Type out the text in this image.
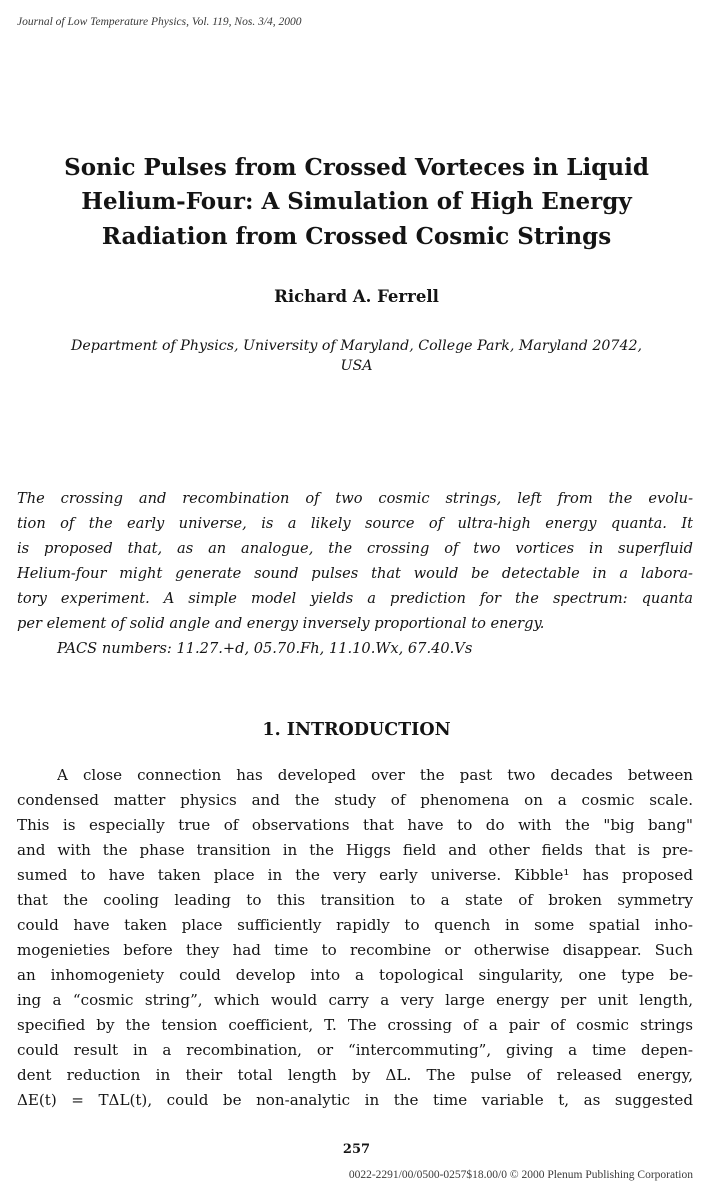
Journal of Low Temperature Physics, Vol. 119, Nos. 3/4, 2000
Sonic Pulses from Crossed Vorteces in Liquid
Helium-Four: A Simulation of High Energy
Radiation from Crossed Cosmic Strings
Richard A. Ferrell
Department of Physics, University of Maryland, College Park, Maryland 20742,
USA
The crossing and recombination of two cosmic strings, left from the evolu-
tion of the early universe, is a likely source of ultra-high energy quanta. It
is proposed that, as an analogue, the crossing of two vortices in superfluid
Helium-four might generate sound pulses that would be detectable in a labora-
tory experiment. A simple model yields a prediction for the spectrum: quanta
per element of solid angle and energy inversely proportional to energy.
PACS numbers: 11.27.+d, 05.70.Fh, 11.10.Wx, 67.40.Vs
1. INTRODUCTION
A close connection has developed over the past two decades between
condensed matter physics and the study of phenomena on a cosmic scale.
This is especially true of observations that have to do with the "big bang"
and with the phase transition in the Higgs field and other fields that is pre-
sumed to have taken place in the very early universe. Kibble¹ has proposed
that the cooling leading to this transition to a state of broken symmetry
could have taken place sufficiently rapidly to quench in some spatial inho-
mogenieties before they had time to recombine or otherwise disappear. Such
an inhomogeniety could develop into a topological singularity, one type be-
ing a “cosmic string”, which would carry a very large energy per unit length,
specified by the tension coefficient, T. The crossing of a pair of cosmic strings
could result in a recombination, or “intercommuting”, giving a time depen-
dent reduction in their total length by ΔL. The pulse of released energy,
ΔE(t) = TΔL(t), could be non-analytic in the time variable t, as suggested
257
0022-2291/00/0500-0257$18.00/0 © 2000 Plenum Publishing Corporation
